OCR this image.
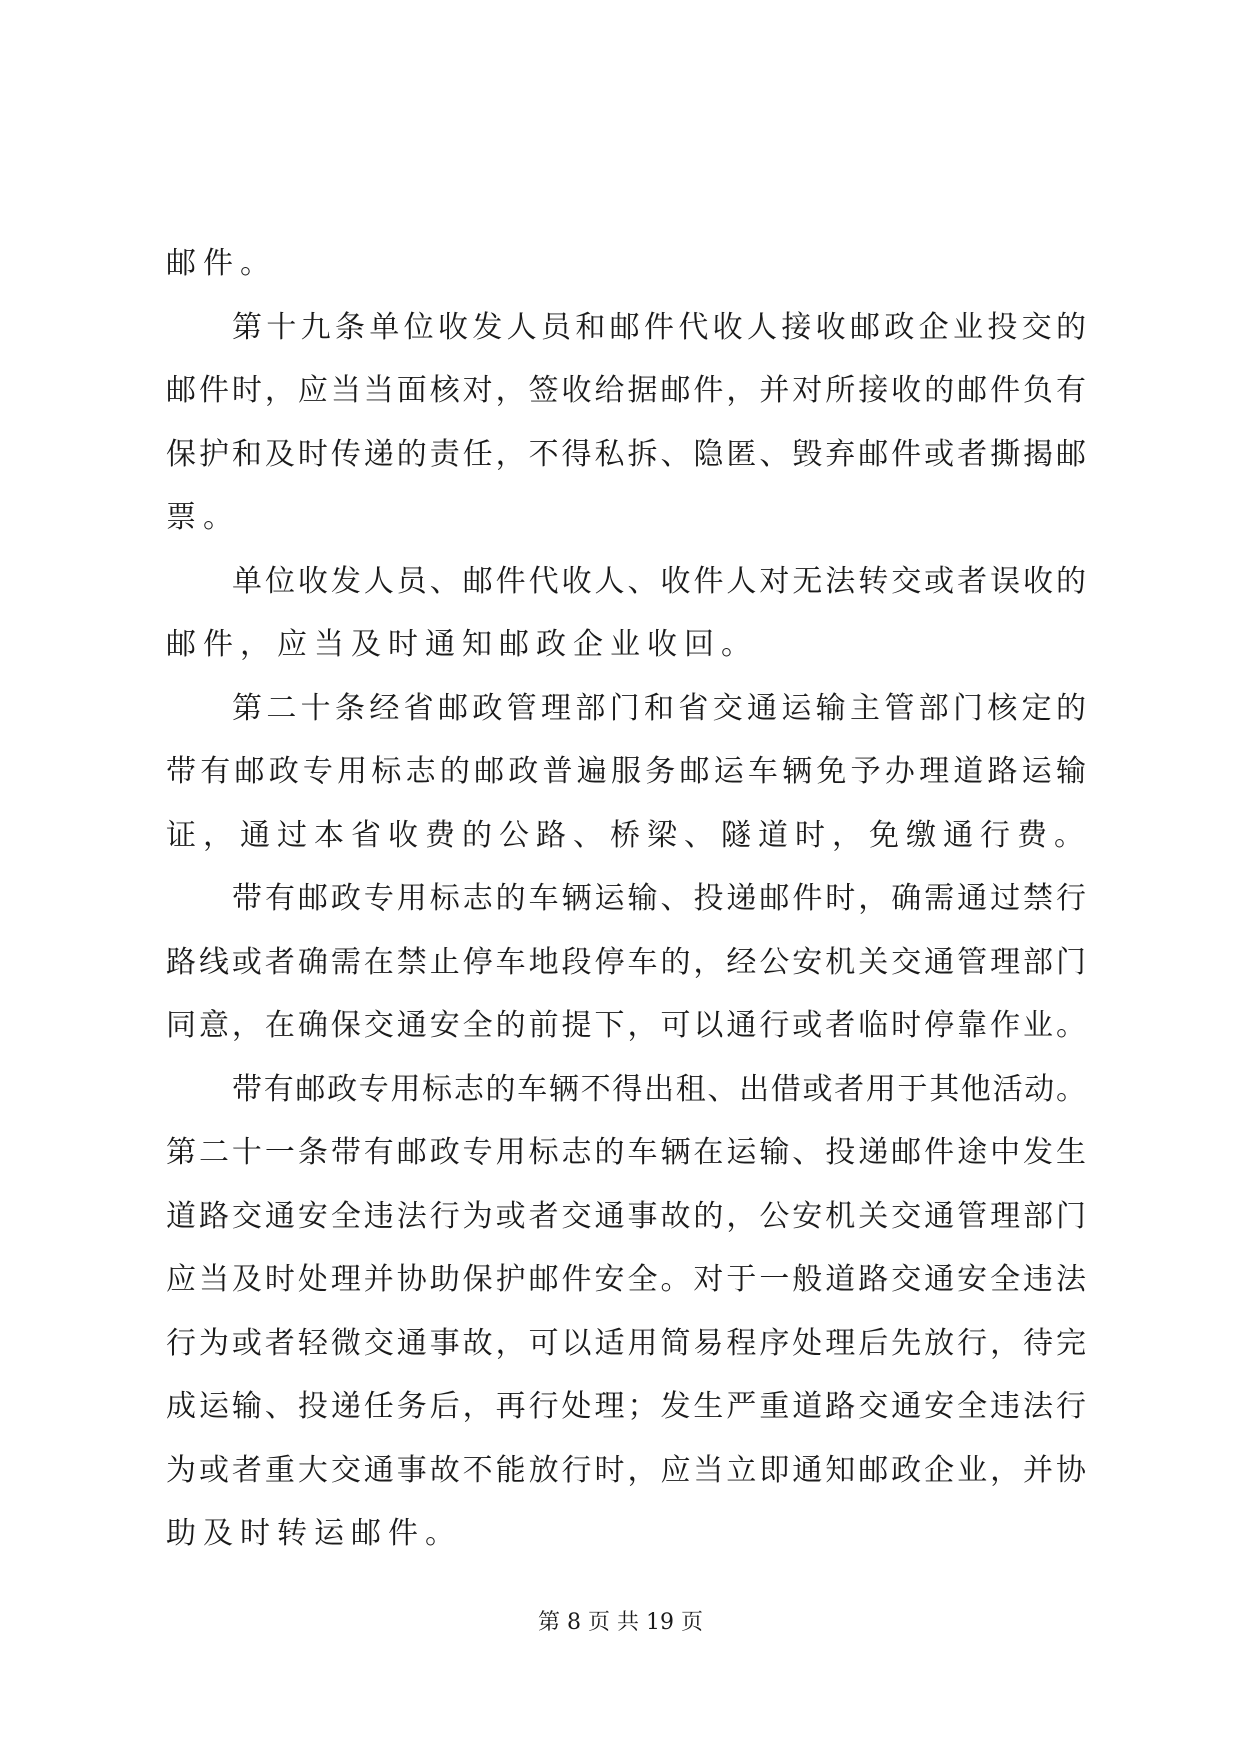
邮件。
第十九条单位收发人员和邮件代收人接收邮政企业投交的
邮件时，应当当面核对，签收给据邮件，并对所接收的邮件负有
保护和及时传递的责任，不得私拆、隐匿、毁弃邮件或者撕揭邮
票。
单位收发人员、邮件代收人、收件人对无法转交或者误收的
邮件，应当及时通知邮政企业收回。
第二十条经省邮政管理部门和省交通运输主管部门核定的
带有邮政专用标志的邮政普遍服务邮运车辆免予办理道路运输
证，通过本省收费的公路、桥梁、隧道时，免缴通行费。
带有邮政专用标志的车辆运输、投递邮件时，确需通过禁行
路线或者确需在禁止停车地段停车的，经公安机关交通管理部门
同意，在确保交通安全的前提下，可以通行或者临时停靠作业。
带有邮政专用标志的车辆不得出租、出借或者用于其他活动。
第二十一条带有邮政专用标志的车辆在运输、投递邮件途中发生
道路交通安全违法行为或者交通事故的，公安机关交通管理部门
应当及时处理并协助保护邮件安全。对于一般道路交通安全违法
行为或者轻微交通事故，可以适用简易程序处理后先放行，待完
成运输、投递任务后，再行处理；发生严重道路交通安全违法行
为或者重大交通事故不能放行时，应当立即通知邮政企业，并协
助及时转运邮件。
第 8 页 共 19 页
